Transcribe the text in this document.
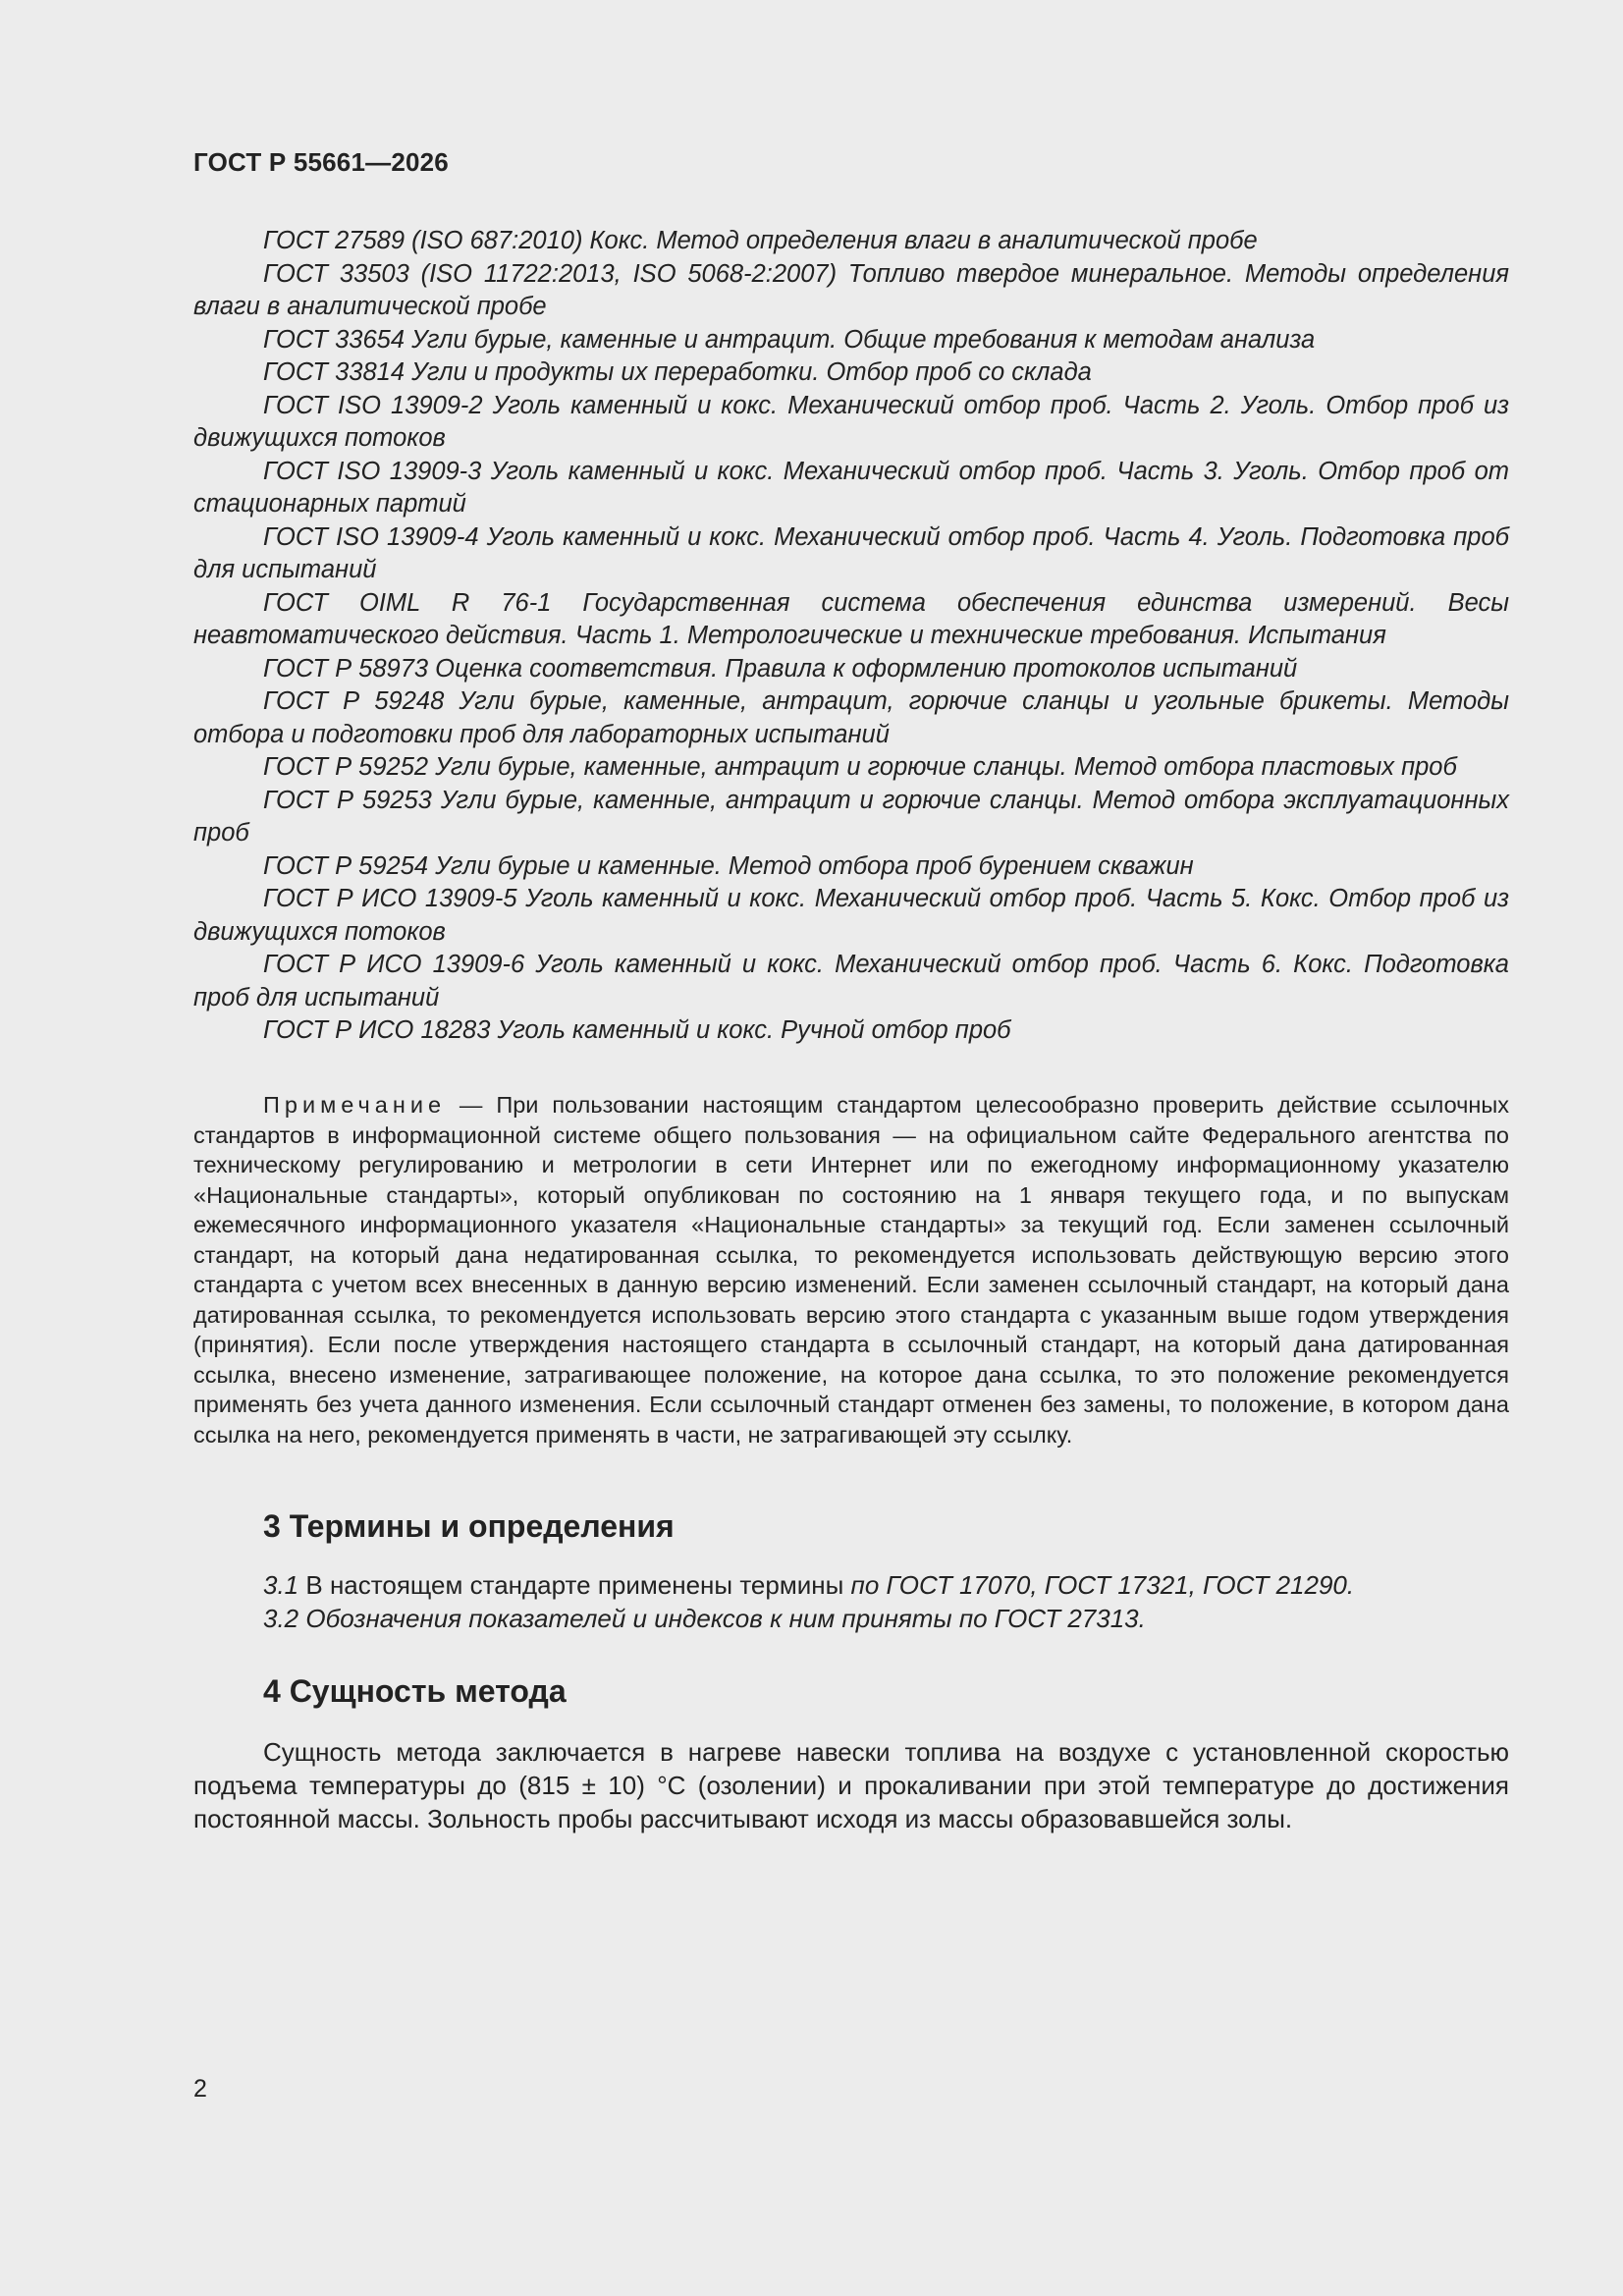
ГОСТ Р 55661—2026

ГОСТ 27589 (ISO 687:2010) Кокс. Метод определения влаги в аналитической пробе

ГОСТ 33503 (ISO 11722:2013, ISO 5068-2:2007) Топливо твердое минеральное. Методы определения влаги в аналитической пробе

ГОСТ 33654 Угли бурые, каменные и антрацит. Общие требования к методам анализа

ГОСТ 33814 Угли и продукты их переработки. Отбор проб со склада

ГОСТ ISO 13909-2 Уголь каменный и кокс. Механический отбор проб. Часть 2. Уголь. Отбор проб из движущихся потоков

ГОСТ ISO 13909-3 Уголь каменный и кокс. Механический отбор проб. Часть 3. Уголь. Отбор проб от стационарных партий

ГОСТ ISO 13909-4 Уголь каменный и кокс. Механический отбор проб. Часть 4. Уголь. Подготовка проб для испытаний

ГОСТ OIML R 76-1 Государственная система обеспечения единства измерений. Весы неавтоматического действия. Часть 1. Метрологические и технические требования. Испытания

ГОСТ Р 58973 Оценка соответствия. Правила к оформлению протоколов испытаний

ГОСТ Р 59248 Угли бурые, каменные, антрацит, горючие сланцы и угольные брикеты. Методы отбора и подготовки проб для лабораторных испытаний

ГОСТ Р 59252 Угли бурые, каменные, антрацит и горючие сланцы. Метод отбора пластовых проб

ГОСТ Р 59253 Угли бурые, каменные, антрацит и горючие сланцы. Метод отбора эксплуатационных проб

ГОСТ Р 59254 Угли бурые и каменные. Метод отбора проб бурением скважин

ГОСТ Р ИСО 13909-5 Уголь каменный и кокс. Механический отбор проб. Часть 5. Кокс. Отбор проб из движущихся потоков

ГОСТ Р ИСО 13909-6 Уголь каменный и кокс. Механический отбор проб. Часть 6. Кокс. Подготовка проб для испытаний

ГОСТ Р ИСО 18283 Уголь каменный и кокс. Ручной отбор проб

Примечание — При пользовании настоящим стандартом целесообразно проверить действие ссылочных стандартов в информационной системе общего пользования — на официальном сайте Федерального агентства по техническому регулированию и метрологии в сети Интернет или по ежегодному информационному указателю «Национальные стандарты», который опубликован по состоянию на 1 января текущего года, и по выпускам ежемесячного информационного указателя «Национальные стандарты» за текущий год. Если заменен ссылочный стандарт, на который дана недатированная ссылка, то рекомендуется использовать действующую версию этого стандарта с учетом всех внесенных в данную версию изменений. Если заменен ссылочный стандарт, на который дана датированная ссылка, то рекомендуется использовать версию этого стандарта с указанным выше годом утверждения (принятия). Если после утверждения настоящего стандарта в ссылочный стандарт, на который дана датированная ссылка, внесено изменение, затрагивающее положение, на которое дана ссылка, то это положение рекомендуется применять без учета данного изменения. Если ссылочный стандарт отменен без замены, то положение, в котором дана ссылка на него, рекомендуется применять в части, не затрагивающей эту ссылку.

3 Термины и определения

3.1 В настоящем стандарте применены термины по ГОСТ 17070, ГОСТ 17321, ГОСТ 21290.

3.2 Обозначения показателей и индексов к ним приняты по ГОСТ 27313.

4 Сущность метода

Сущность метода заключается в нагреве навески топлива на воздухе с установленной скоростью подъема температуры до (815 ± 10) °С (озолении) и прокаливании при этой температуре до достижения постоянной массы. Зольность пробы рассчитывают исходя из массы образовавшейся золы.

2
